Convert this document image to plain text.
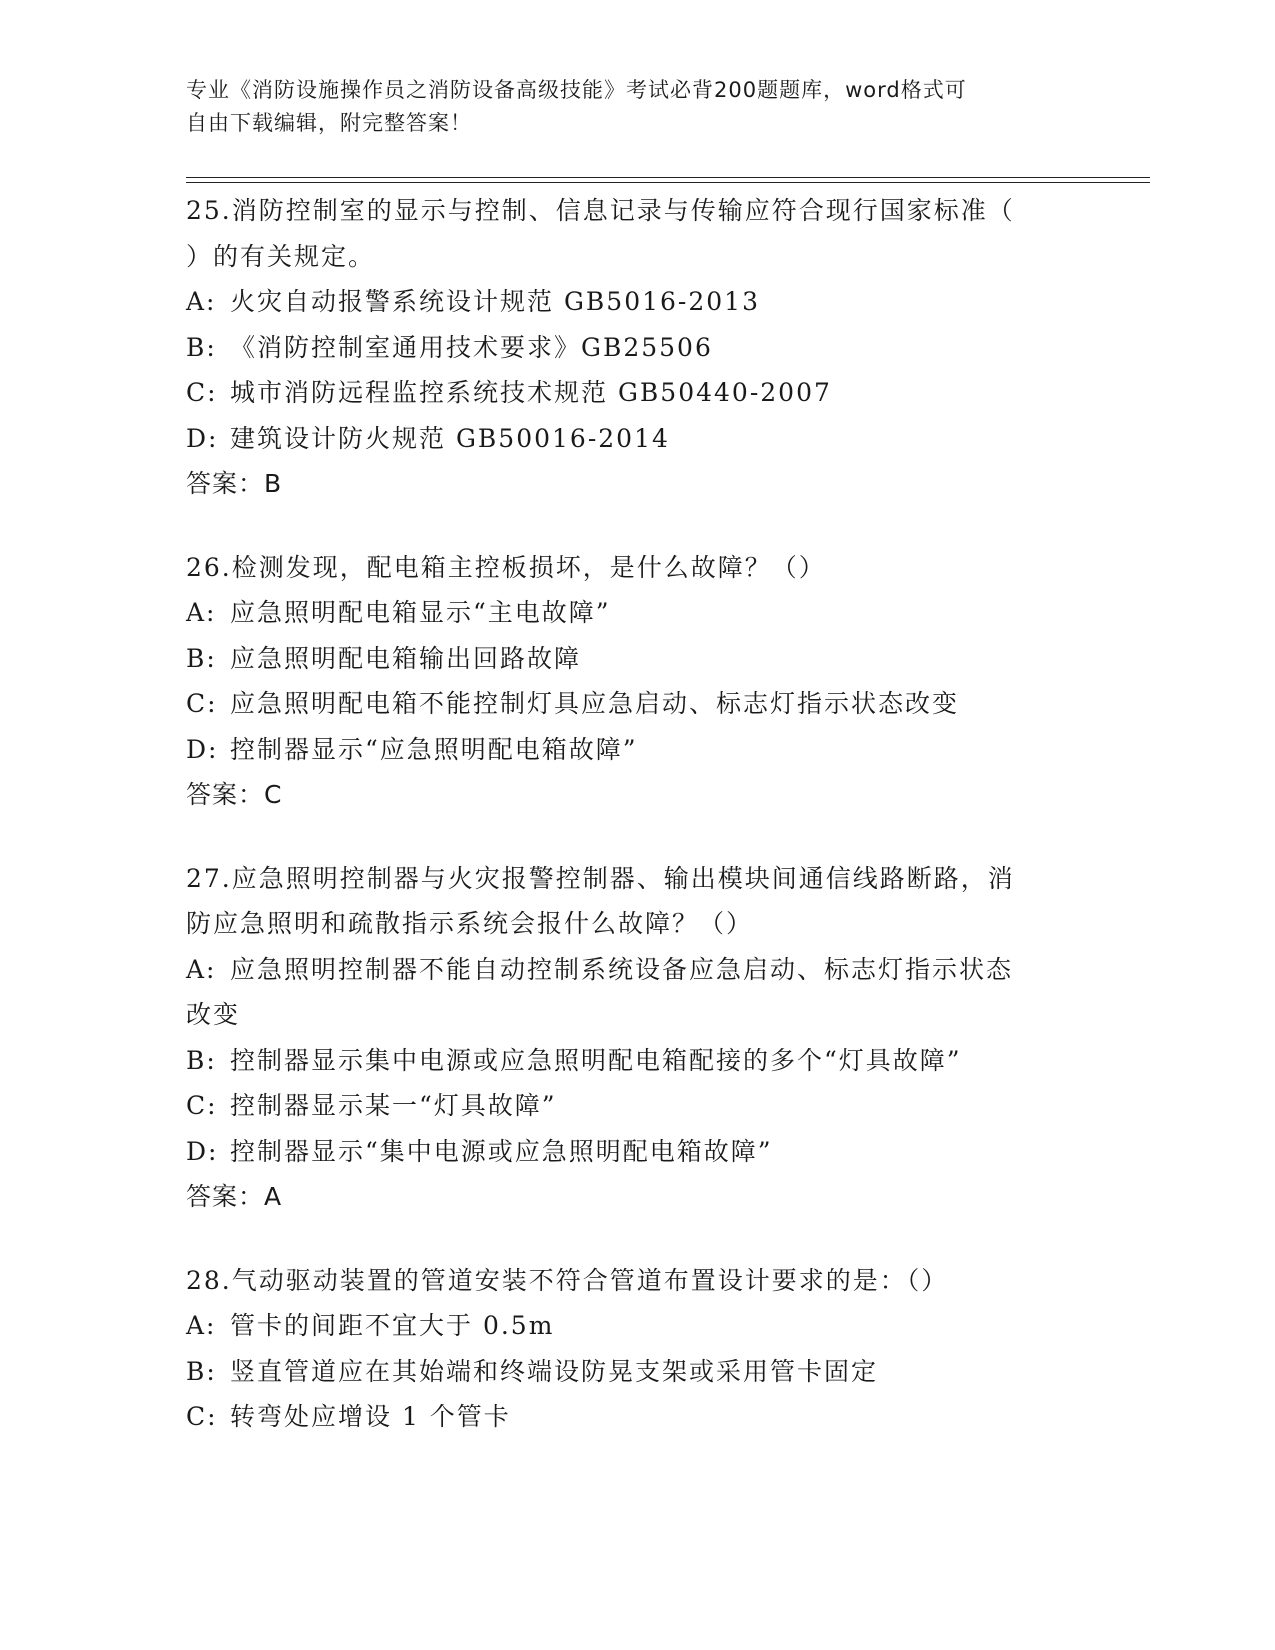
专业《消防设施操作员之消防设备高级技能》考试必背200题题库，word格式可

自由下载编辑，附完整答案！

25.消防控制室的显示与控制、信息记录与传输应符合现行国家标准（
）的有关规定。
A: 火灾自动报警系统设计规范 GB5016-2013
B: 《消防控制室通用技术要求》GB25506
C: 城市消防远程监控系统技术规范 GB50440-2007
D: 建筑设计防火规范 GB50016-2014
答案：B
26.检测发现，配电箱主控板损坏，是什么故障？（）
A: 应急照明配电箱显示“主电故障”
B: 应急照明配电箱输出回路故障
C: 应急照明配电箱不能控制灯具应急启动、标志灯指示状态改变
D: 控制器显示“应急照明配电箱故障”
答案：C
27.应急照明控制器与火灾报警控制器、输出模块间通信线路断路，消
防应急照明和疏散指示系统会报什么故障？（）
A: 应急照明控制器不能自动控制系统设备应急启动、标志灯指示状态
改变
B: 控制器显示集中电源或应急照明配电箱配接的多个“灯具故障”
C: 控制器显示某一“灯具故障”
D: 控制器显示“集中电源或应急照明配电箱故障”
答案：A
28.气动驱动装置的管道安装不符合管道布置设计要求的是：（）
A: 管卡的间距不宜大于 0.5m
B: 竖直管道应在其始端和终端设防晃支架或采用管卡固定
C: 转弯处应增设 1 个管卡
